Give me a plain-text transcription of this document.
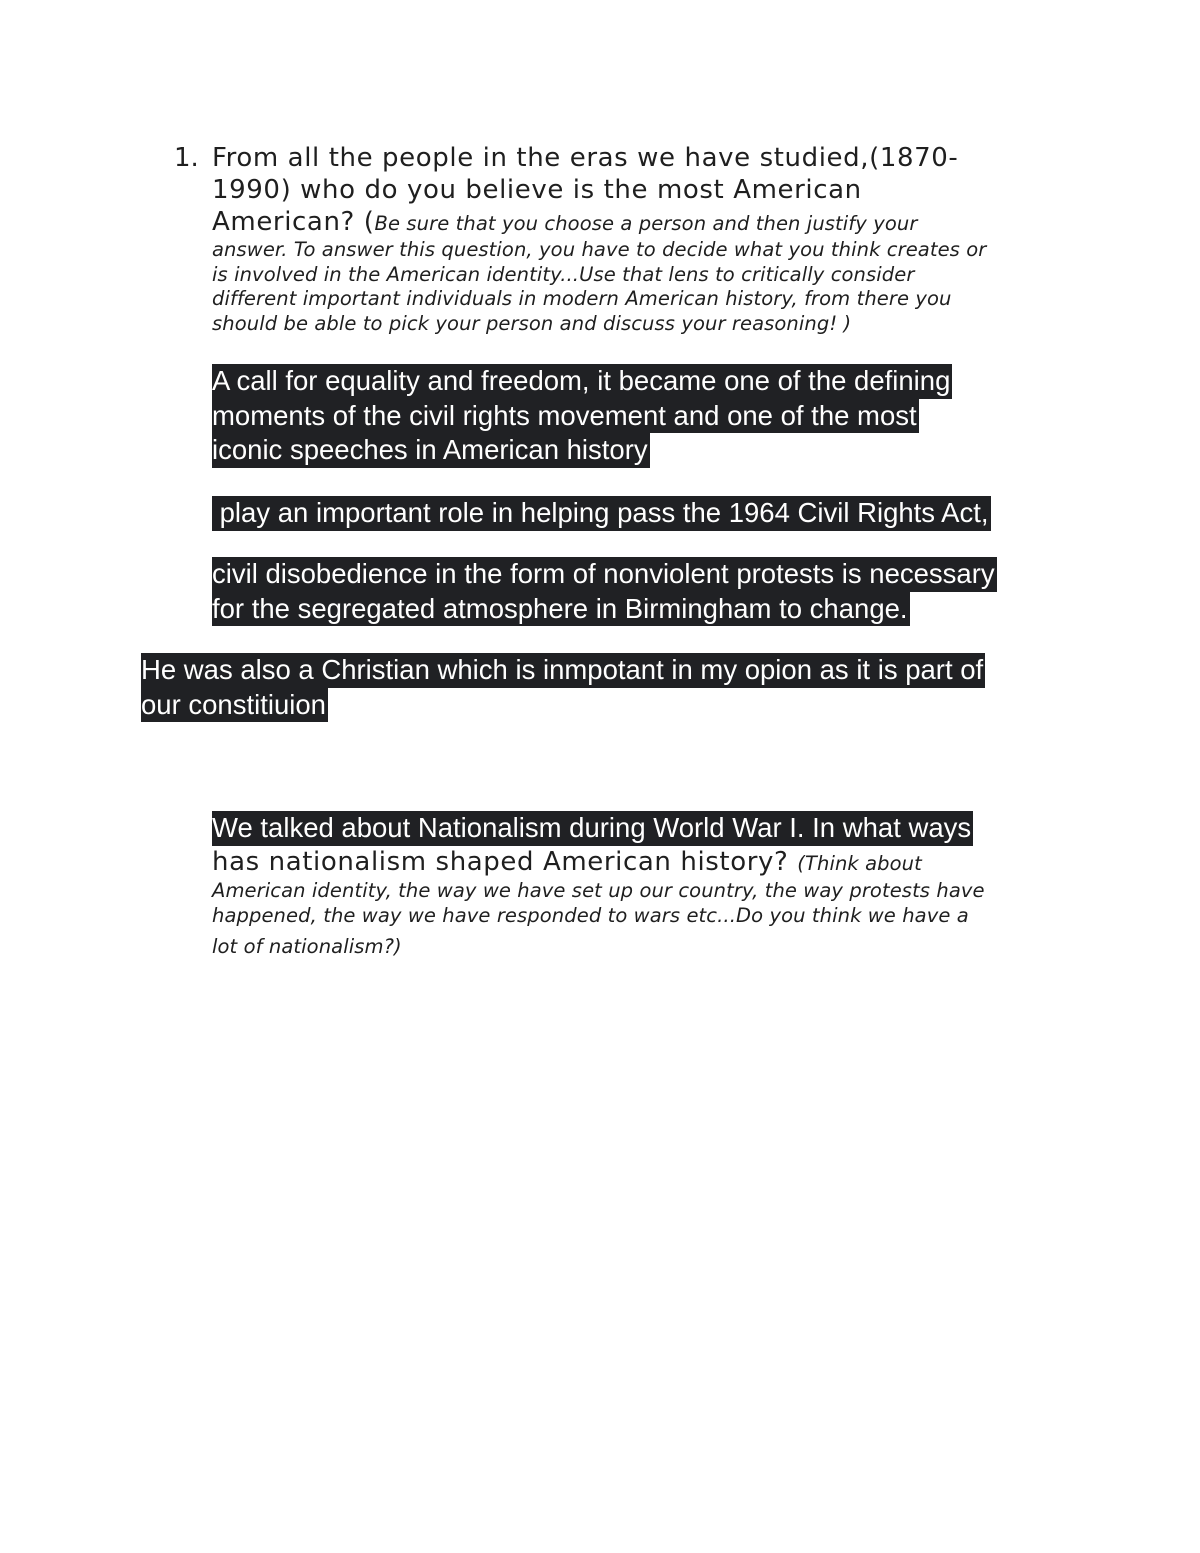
1. From all the people in the eras we have studied,(1870-
1990) who do you believe is the most American
American? (Be sure that you choose a person and then justify your
answer. To answer this question, you have to decide what you think creates or
is involved in the American identity...Use that lens to critically consider
different important individuals in modern American history, from there you
should be able to pick your person and discuss your reasoning! )
A call for equality and freedom, it became one of the defining
moments of the civil rights movement and one of the most
iconic speeches in American history
play an important role in helping pass the 1964 Civil Rights Act,
civil disobedience in the form of nonviolent protests is necessary
for the segregated atmosphere in Birmingham to change.
He was also a Christian which is inmpotant in my opion as it is part of
our constitiuion
We talked about Nationalism during World War I. In what ways
has nationalism shaped American history? (Think about
American identity, the way we have set up our country, the way protests have
happened, the way we have responded to wars etc...Do you think we have a
lot of nationalism?)
